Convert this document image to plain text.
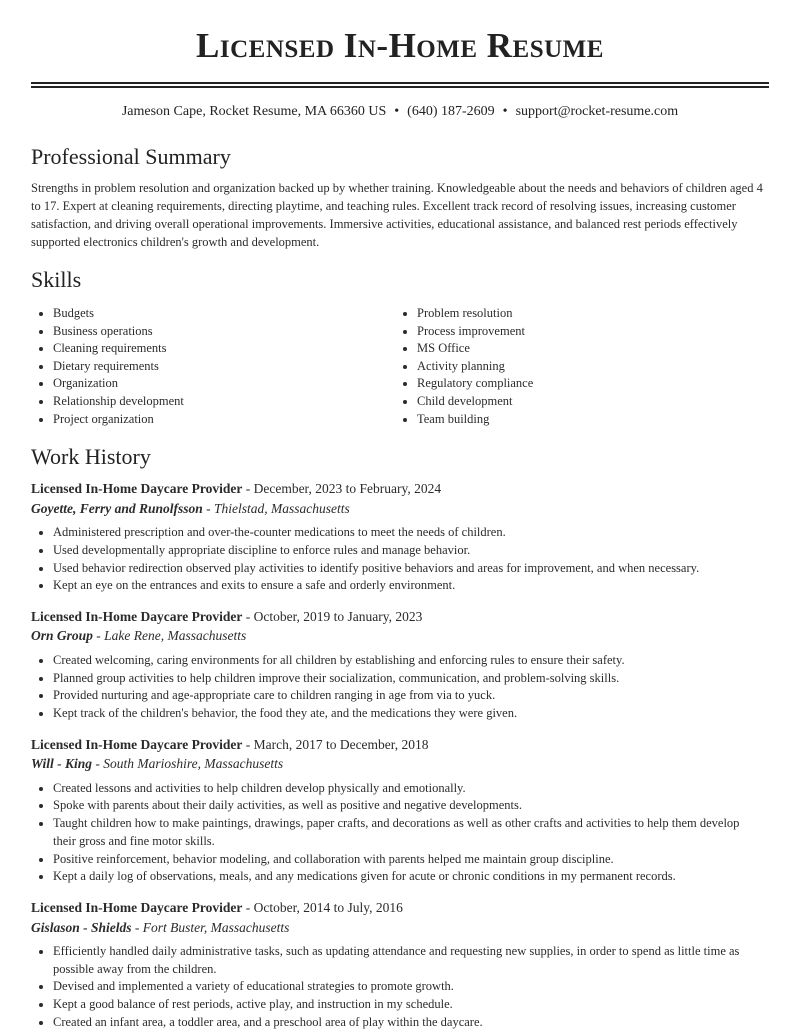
Licensed In-Home Resume
Jameson Cape, Rocket Resume, MA 66360 US • (640) 187-2609 • support@rocket-resume.com
Professional Summary

Strengths in problem resolution and organization backed up by whether training. Knowledgeable about the needs and behaviors of children aged 4 to 17. Expert at cleaning requirements, directing playtime, and teaching rules. Excellent track record of resolving issues, increasing customer satisfaction, and driving overall operational improvements. Immersive activities, educational assistance, and balanced rest periods effectively supported electronics children's growth and development.

Skills
• Budgets
• Business operations
• Cleaning requirements
• Dietary requirements
• Organization
• Relationship development
• Project organization
• Problem resolution
• Process improvement
• MS Office
• Activity planning
• Regulatory compliance
• Child development
• Team building
Work History
Licensed In-Home Daycare Provider - December, 2023 to February, 2024
Goyette, Ferry and Runolfsson - Thielstad, Massachusetts
• Administered prescription and over-the-counter medications to meet the needs of children.
• Used developmentally appropriate discipline to enforce rules and manage behavior.
• Used behavior redirection observed play activities to identify positive behaviors and areas for improvement, and when necessary.
• Kept an eye on the entrances and exits to ensure a safe and orderly environment.
Licensed In-Home Daycare Provider - October, 2019 to January, 2023
Orn Group - Lake Rene, Massachusetts
• Created welcoming, caring environments for all children by establishing and enforcing rules to ensure their safety.
• Planned group activities to help children improve their socialization, communication, and problem-solving skills.
• Provided nurturing and age-appropriate care to children ranging in age from via to yuck.
• Kept track of the children's behavior, the food they ate, and the medications they were given.
Licensed In-Home Daycare Provider - March, 2017 to December, 2018
Will - King - South Marioshire, Massachusetts
• Created lessons and activities to help children develop physically and emotionally.
• Spoke with parents about their daily activities, as well as positive and negative developments.
• Taught children how to make paintings, drawings, paper crafts, and decorations as well as other crafts and activities to help them develop their gross and fine motor skills.
• Positive reinforcement, behavior modeling, and collaboration with parents helped me maintain group discipline.
• Kept a daily log of observations, meals, and any medications given for acute or chronic conditions in my permanent records.
Licensed In-Home Daycare Provider - October, 2014 to July, 2016
Gislason - Shields - Fort Buster, Massachusetts
• Efficiently handled daily administrative tasks, such as updating attendance and requesting new supplies, in order to spend as little time as possible away from the children.
• Devised and implemented a variety of educational strategies to promote growth.
• Kept a good balance of rest periods, active play, and instruction in my schedule.
• Created an infant area, a toddler area, and a preschool area of play within the daycare.
